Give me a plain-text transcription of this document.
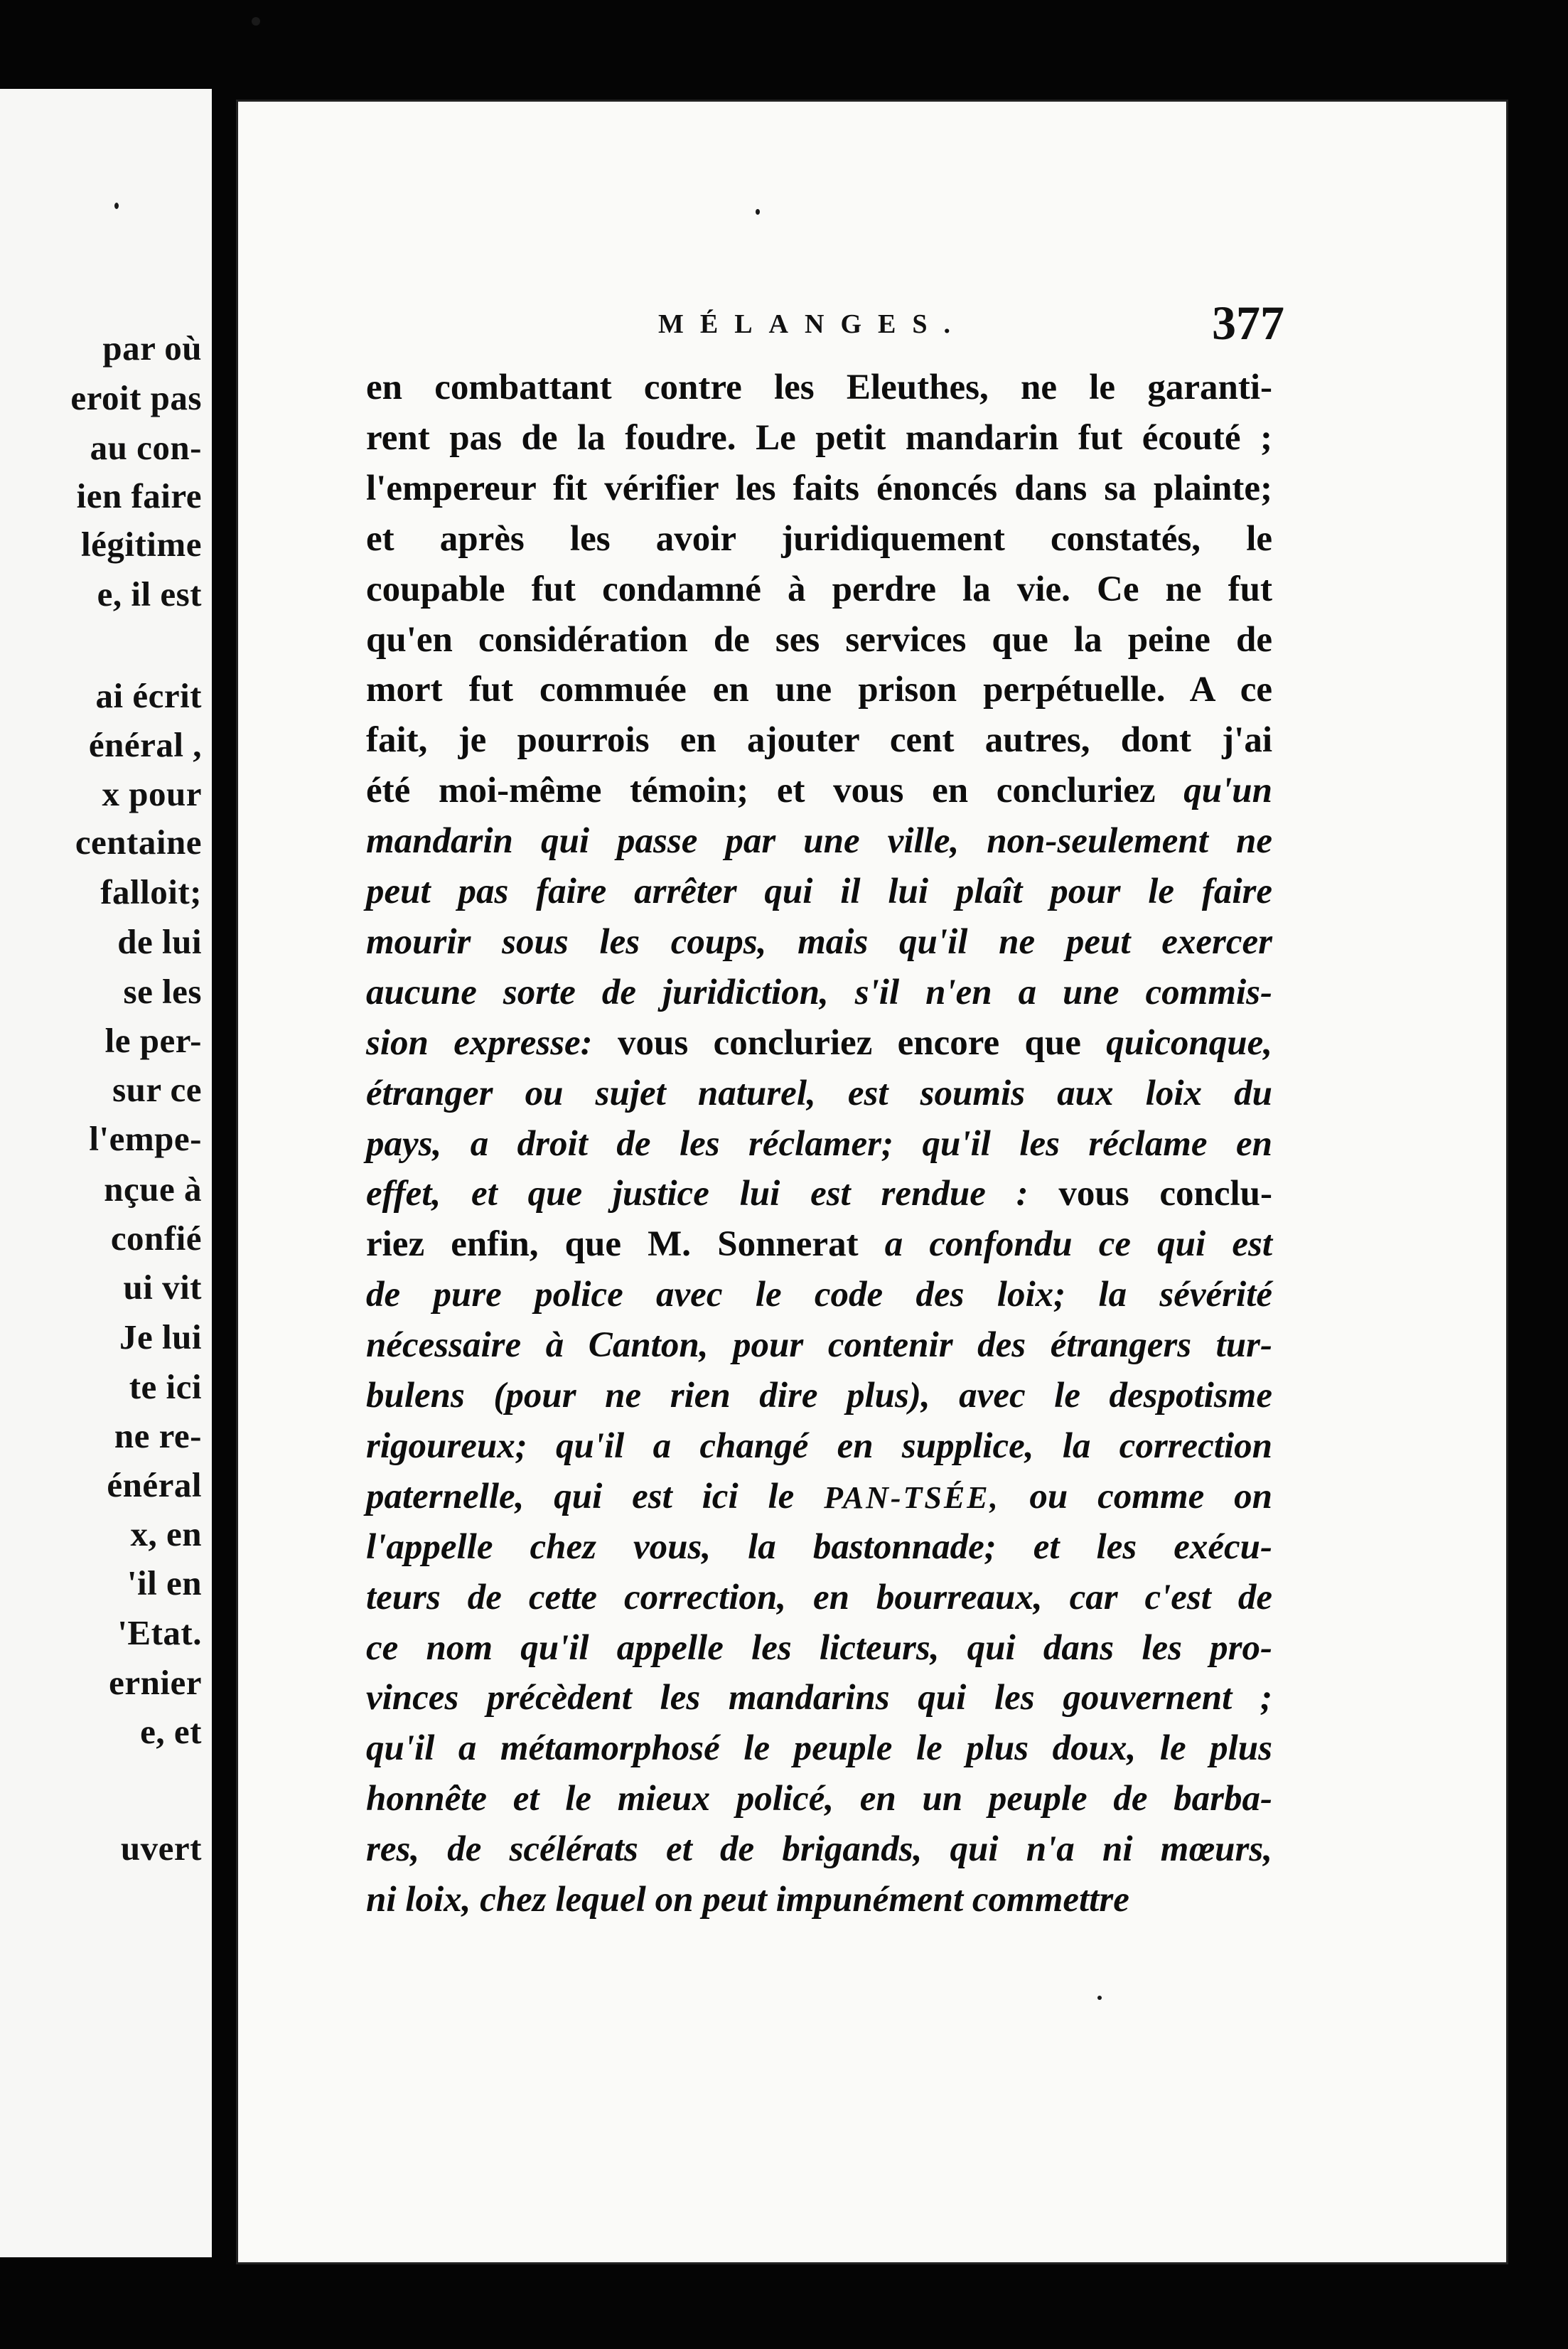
par où
eroit pas
au con-
ien faire
légitime
e, il est
ai écrit
énéral ,
x pour
centaine
falloit;
de lui
se les
le per-
sur ce
l'empe-
nçue à
confié
ui vit
Je lui
te ici
ne re-
énéral
x, en
'il en
'Etat.
ernier
e, et
uvert
MÉLANGES.	377
en combattant contre les Eleuthes, ne le garanti-
rent pas de la foudre. Le petit mandarin fut écouté ;
l'empereur fit vérifier les faits énoncés dans sa plainte;
et après les avoir juridiquement constatés, le
coupable fut condamné à perdre la vie. Ce ne fut
qu'en considération de ses services que la peine de
mort fut commuée en une prison perpétuelle. A ce
fait, je pourrois en ajouter cent autres, dont j'ai
été moi-même témoin; et vous en concluriez qu'un
mandarin qui passe par une ville, non-seulement ne
peut pas faire arrêter qui il lui plaît pour le faire
mourir sous les coups, mais qu'il ne peut exercer
aucune sorte de juridiction, s'il n'en a une commis-
sion expresse: vous concluriez encore que quiconque,
étranger ou sujet naturel, est soumis aux loix du
pays, a droit de les réclamer; qu'il les réclame en
effet, et que justice lui est rendue : vous conclu-
riez enfin, que M. Sonnerat a confondu ce qui est
de pure police avec le code des loix; la sévérité
nécessaire à Canton, pour contenir des étrangers tur-
bulens (pour ne rien dire plus), avec le despotisme
rigoureux; qu'il a changé en supplice, la correction
paternelle, qui est ici le PAN-TSÉE, ou comme on
l'appelle chez vous, la bastonnade; et les exécu-
teurs de cette correction, en bourreaux, car c'est de
ce nom qu'il appelle les licteurs, qui dans les pro-
vinces précèdent les mandarins qui les gouvernent ;
qu'il a métamorphosé le peuple le plus doux, le plus
honnête et le mieux policé, en un peuple de barba-
res, de scélérats et de brigands, qui n'a ni mœurs,
ni loix, chez lequel on peut impunément commettre
